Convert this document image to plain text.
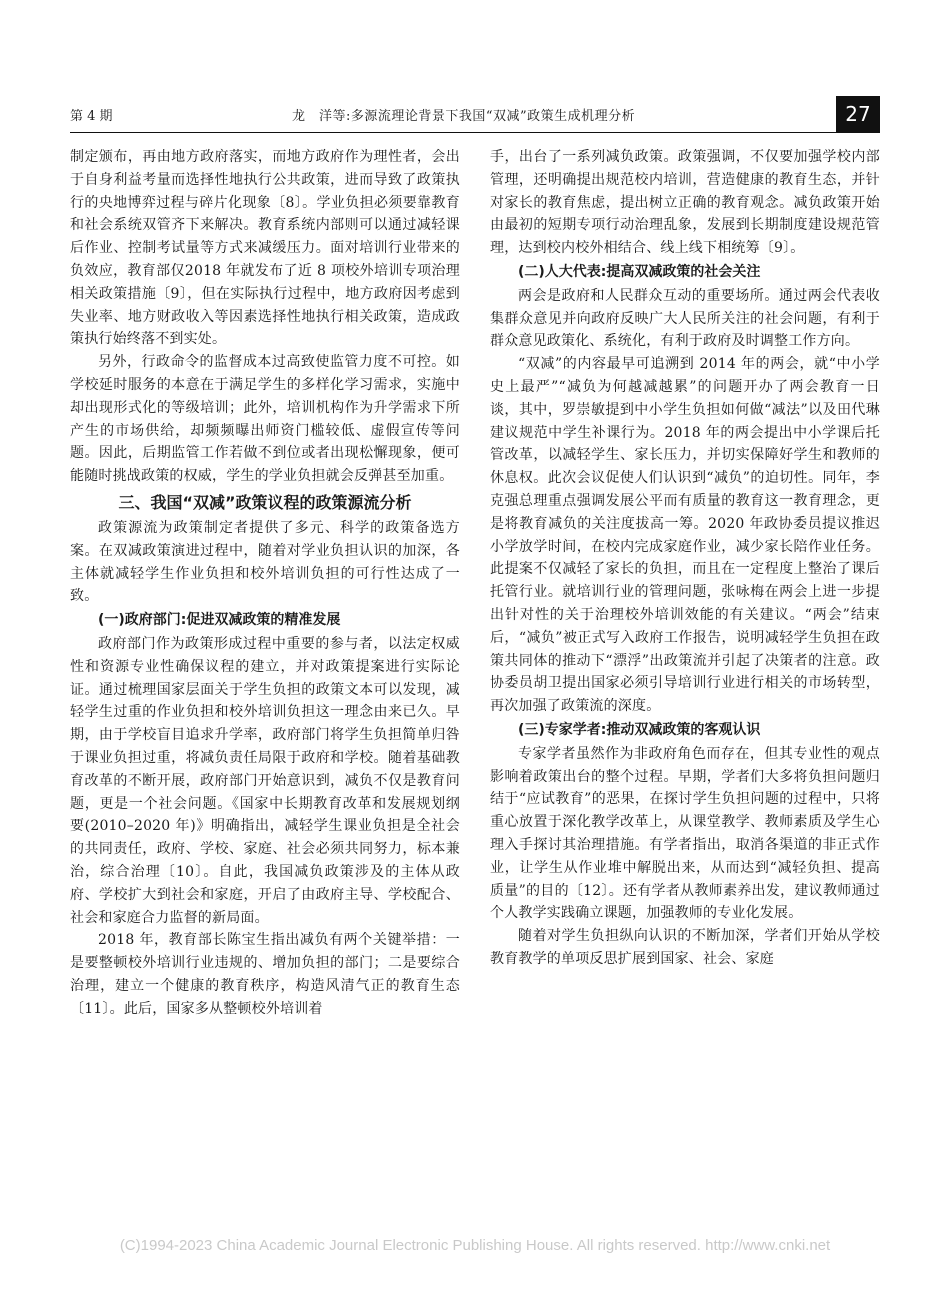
第 4 期	龙　洋等:多源流理论背景下我国“双减”政策生成机理分析	27

制定颁布，再由地方政府落实，而地方政府作为理性者，会出于自身利益考量而选择性地执行公共政策，进而导致了政策执行的央地博弈过程与碎片化现象〔8〕。学业负担必须要靠教育和社会系统双管齐下来解决。教育系统内部则可以通过减轻课后作业、控制考试量等方式来减缓压力。面对培训行业带来的负效应，教育部仅2018 年就发布了近 8 项校外培训专项治理相关政策措施〔9〕，但在实际执行过程中，地方政府因考虑到失业率、地方财政收入等因素选择性地执行相关政策，造成政策执行始终落不到实处。

另外，行政命令的监督成本过高致使监管力度不可控。如学校延时服务的本意在于满足学生的多样化学习需求，实施中却出现形式化的等级培训；此外，培训机构作为升学需求下所产生的市场供给，却频频曝出师资门槛较低、虚假宣传等问题。因此，后期监管工作若做不到位或者出现松懈现象，便可能随时挑战政策的权威，学生的学业负担就会反弹甚至加重。

三、我国“双减”政策议程的政策源流分析

政策源流为政策制定者提供了多元、科学的政策备选方案。在双减政策演进过程中，随着对学业负担认识的加深，各主体就减轻学生作业负担和校外培训负担的可行性达成了一致。

(一)政府部门:促进双减政策的精准发展

政府部门作为政策形成过程中重要的参与者，以法定权威性和资源专业性确保议程的建立，并对政策提案进行实际论证。通过梳理国家层面关于学生负担的政策文本可以发现，减轻学生过重的作业负担和校外培训负担这一理念由来已久。早期，由于学校盲目追求升学率，政府部门将学生负担简单归咎于课业负担过重，将减负责任局限于政府和学校。随着基础教育改革的不断开展，政府部门开始意识到，减负不仅是教育问题，更是一个社会问题。《国家中长期教育改革和发展规划纲要(2010–2020 年)》明确指出，减轻学生课业负担是全社会的共同责任，政府、学校、家庭、社会必须共同努力，标本兼治，综合治理〔10〕。自此，我国减负政策涉及的主体从政府、学校扩大到社会和家庭，开启了由政府主导、学校配合、社会和家庭合力监督的新局面。

2018 年，教育部长陈宝生指出减负有两个关键举措：一是要整顿校外培训行业违规的、增加负担的部门；二是要综合治理，建立一个健康的教育秩序，构造风清气正的教育生态〔11〕。此后，国家多从整顿校外培训着

手，出台了一系列减负政策。政策强调，不仅要加强学校内部管理，还明确提出规范校内培训，营造健康的教育生态，并针对家长的教育焦虑，提出树立正确的教育观念。减负政策开始由最初的短期专项行动治理乱象，发展到长期制度建设规范管理，达到校内校外相结合、线上线下相统筹〔9〕。

(二)人大代表:提高双减政策的社会关注

两会是政府和人民群众互动的重要场所。通过两会代表收集群众意见并向政府反映广大人民所关注的社会问题，有利于群众意见政策化、系统化，有利于政府及时调整工作方向。

“双减”的内容最早可追溯到 2014 年的两会，就“中小学史上最严”“减负为何越减越累”的问题开办了两会教育一日谈，其中，罗崇敏提到中小学生负担如何做“减法”以及田代琳建议规范中学生补课行为。2018 年的两会提出中小学课后托管改革，以减轻学生、家长压力，并切实保障好学生和教师的休息权。此次会议促使人们认识到“减负”的迫切性。同年，李克强总理重点强调发展公平而有质量的教育这一教育理念，更是将教育减负的关注度拔高一筹。2020 年政协委员提议推迟小学放学时间，在校内完成家庭作业，减少家长陪作业任务。此提案不仅减轻了家长的负担，而且在一定程度上整治了课后托管行业。就培训行业的管理问题，张咏梅在两会上进一步提出针对性的关于治理校外培训效能的有关建议。“两会”结束后，“减负”被正式写入政府工作报告，说明减轻学生负担在政策共同体的推动下“漂浮”出政策流并引起了决策者的注意。政协委员胡卫提出国家必须引导培训行业进行相关的市场转型，再次加强了政策流的深度。

(三)专家学者:推动双减政策的客观认识

专家学者虽然作为非政府角色而存在，但其专业性的观点影响着政策出台的整个过程。早期，学者们大多将负担问题归结于“应试教育”的恶果，在探讨学生负担问题的过程中，只将重心放置于深化教学改革上，从课堂教学、教师素质及学生心理入手探讨其治理措施。有学者指出，取消各渠道的非正式作业，让学生从作业堆中解脱出来，从而达到“减轻负担、提高质量”的目的〔12〕。还有学者从教师素养出发，建议教师通过个人教学实践确立课题，加强教师的专业化发展。

随着对学生负担纵向认识的不断加深，学者们开始从学校教育教学的单项反思扩展到国家、社会、家庭

(C)1994-2023 China Academic Journal Electronic Publishing House. All rights reserved. http://www.cnki.net
